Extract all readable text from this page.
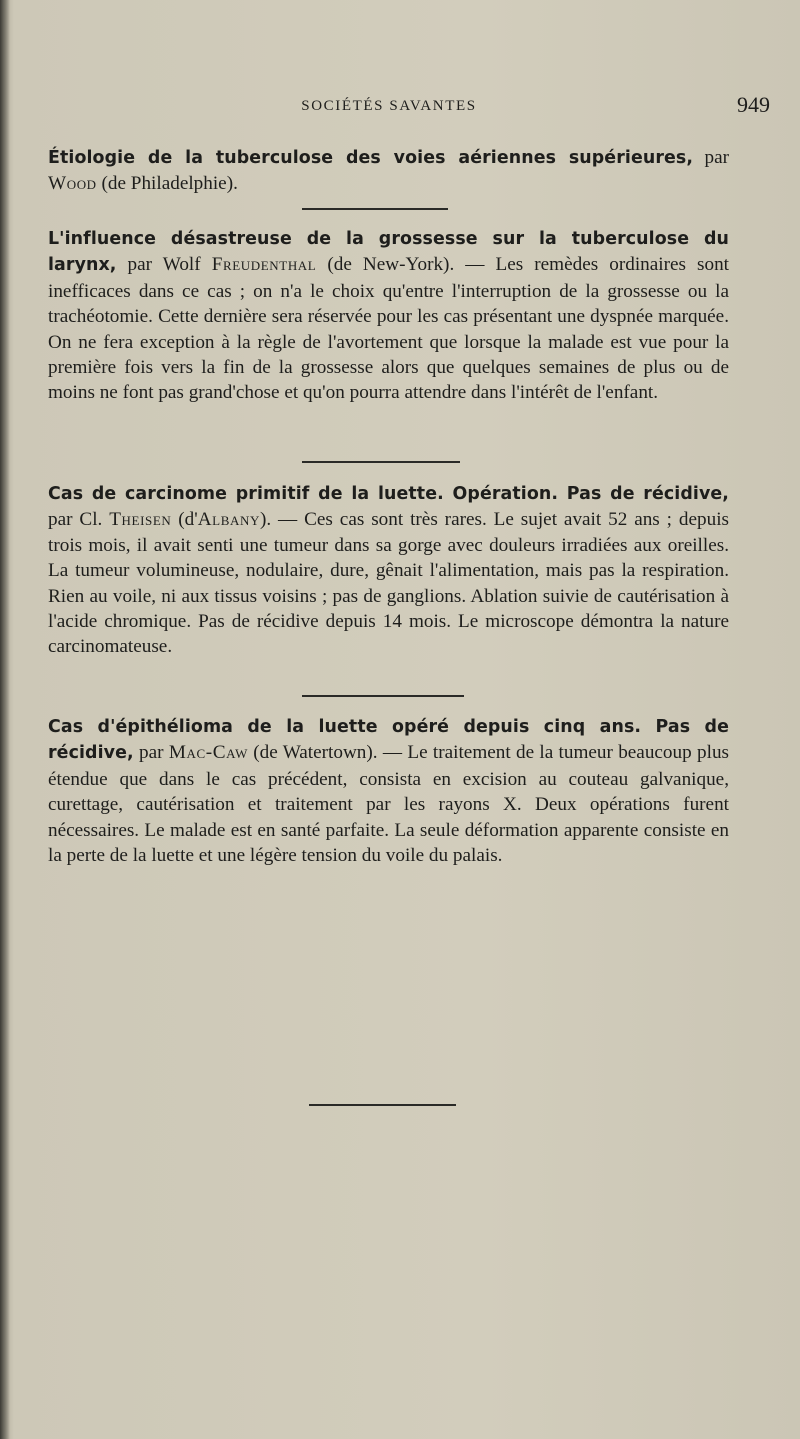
SOCIÉTÉS SAVANTES	949

Étiologie de la tuberculose des voies aériennes supérieures, par Wood (de Philadelphie).

L'influence désastreuse de la grossesse sur la tuberculose du larynx, par Wolf Freudenthal (de New-York). — Les remèdes ordinaires sont inefficaces dans ce cas ; on n'a le choix qu'entre l'interruption de la grossesse ou la trachéotomie. Cette dernière sera réservée pour les cas présentant une dyspnée marquée. On ne fera exception à la règle de l'avortement que lorsque la malade est vue pour la première fois vers la fin de la grossesse alors que quelques semaines de plus ou de moins ne font pas grand'chose et qu'on pourra attendre dans l'intérêt de l'enfant.

Cas de carcinome primitif de la luette. Opération. Pas de récidive, par Cl. Theisen (d'Albany). — Ces cas sont très rares. Le sujet avait 52 ans ; depuis trois mois, il avait senti une tumeur dans sa gorge avec douleurs irradiées aux oreilles. La tumeur volumineuse, nodulaire, dure, gênait l'alimentation, mais pas la respiration. Rien au voile, ni aux tissus voisins ; pas de ganglions. Ablation suivie de cautérisation à l'acide chromique. Pas de récidive depuis 14 mois. Le microscope démontra la nature carcinomateuse.

Cas d'épithélioma de la luette opéré depuis cinq ans. Pas de récidive, par Mac-Caw (de Watertown). — Le traitement de la tumeur beaucoup plus étendue que dans le cas précédent, consista en excision au couteau galvanique, curettage, cautérisation et traitement par les rayons X. Deux opérations furent nécessaires. Le malade est en santé parfaite. La seule déformation apparente consiste en la perte de la luette et une légère tension du voile du palais.
